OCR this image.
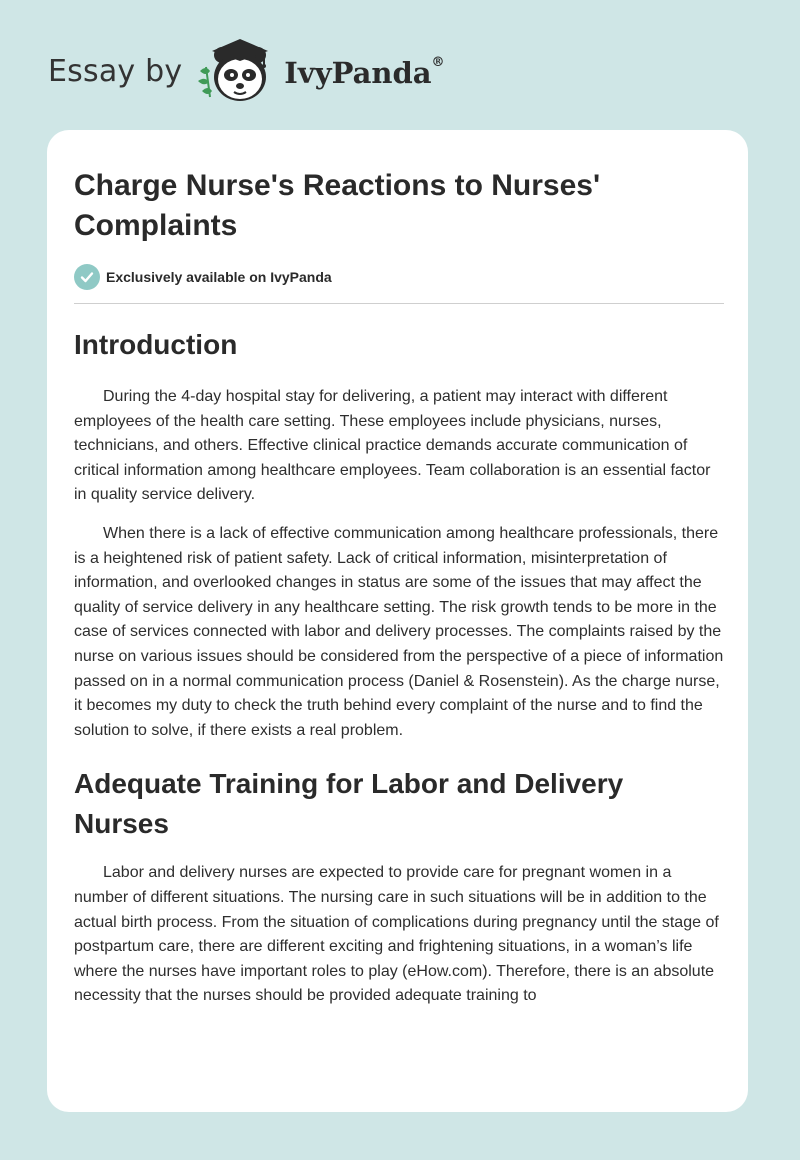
Essay by	IvyPanda®
Charge Nurse's Reactions to Nurses' Complaints
Exclusively available on IvyPanda
Introduction

During the 4-day hospital stay for delivering, a patient may interact with different employees of the health care setting. These employees include physicians, nurses, technicians, and others. Effective clinical practice demands accurate communication of critical information among healthcare employees. Team collaboration is an essential factor in quality service delivery.

When there is a lack of effective communication among healthcare professionals, there is a heightened risk of patient safety. Lack of critical information, misinterpretation of information, and overlooked changes in status are some of the issues that may affect the quality of service delivery in any healthcare setting. The risk growth tends to be more in the case of services connected with labor and delivery processes. The complaints raised by the nurse on various issues should be considered from the perspective of a piece of information passed on in a normal communication process (Daniel & Rosenstein). As the charge nurse, it becomes my duty to check the truth behind every complaint of the nurse and to find the solution to solve, if there exists a real problem.

Adequate Training for Labor and Delivery Nurses

Labor and delivery nurses are expected to provide care for pregnant women in a number of different situations. The nursing care in such situations will be in addition to the actual birth process. From the situation of complications during pregnancy until the stage of postpartum care, there are different exciting and frightening situations, in a woman’s life where the nurses have important roles to play (eHow.com). Therefore, there is an absolute necessity that the nurses should be provided adequate training to
